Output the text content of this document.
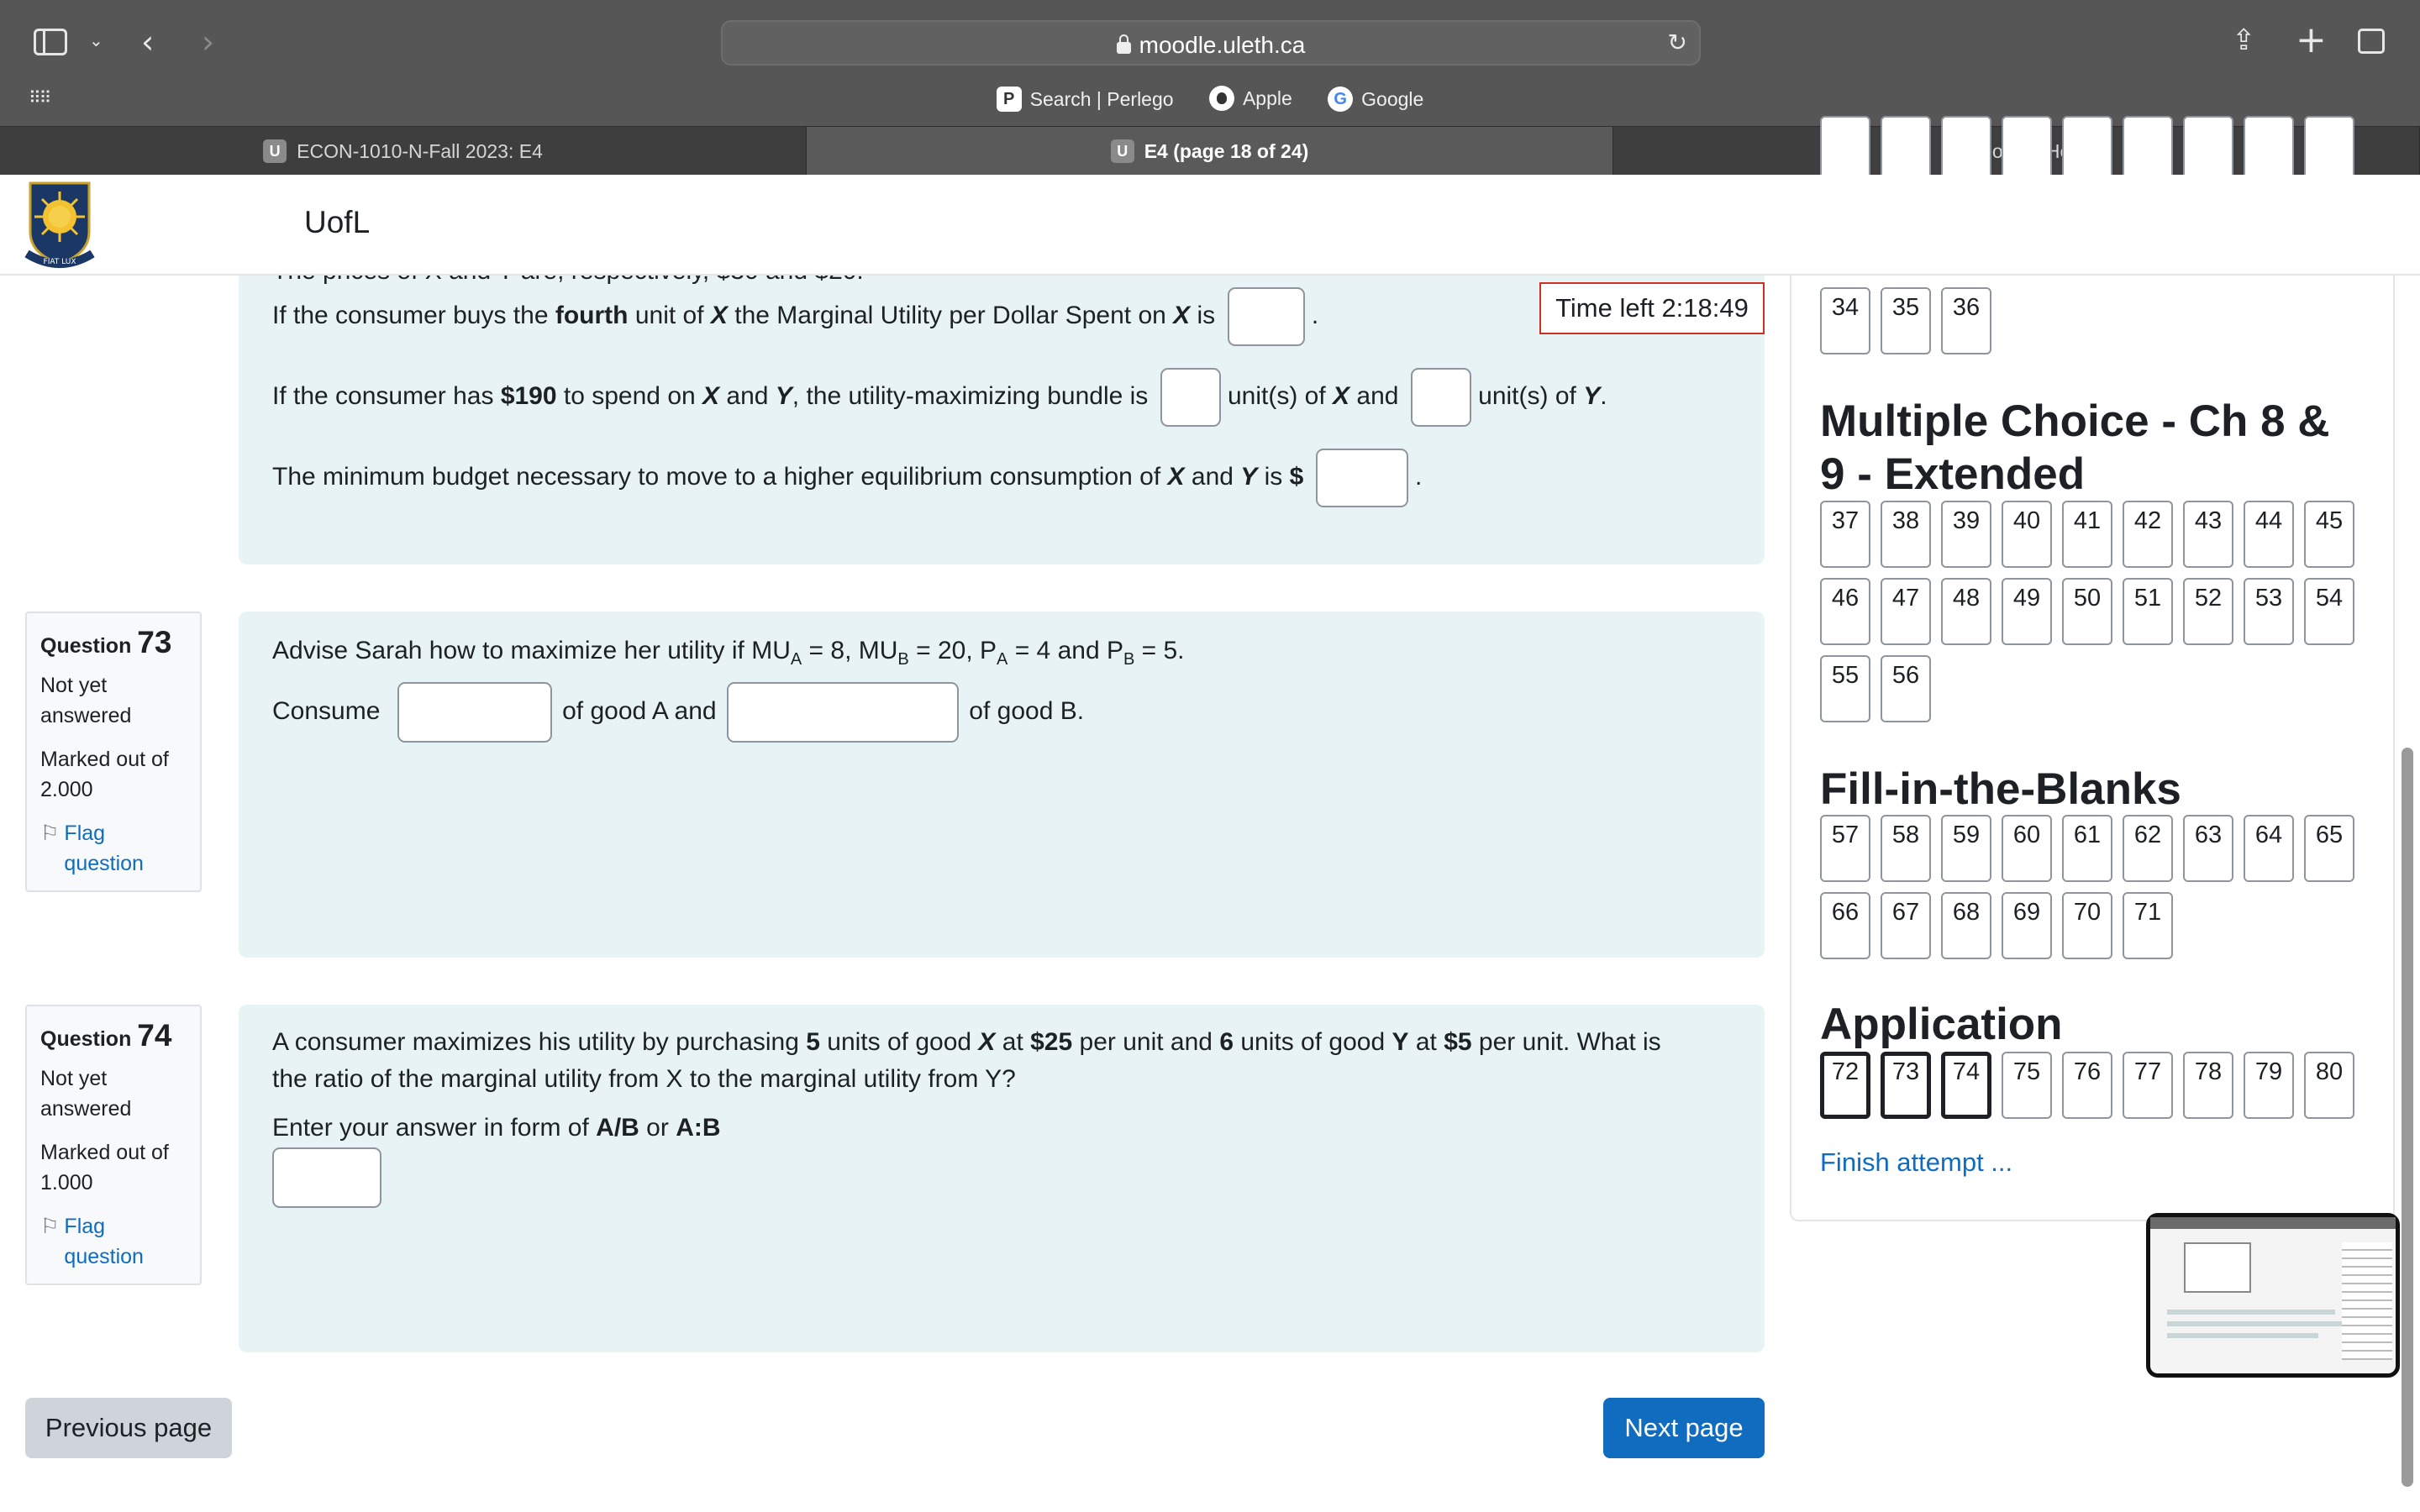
⌄ ‹ ›
⠿⠿
moodle.uleth.ca	↻	⇪ +
P Search | Perlego
	Apple
	G Google
U ECON-1010-N-Fall 2023: E4	U E4 (page 18 of 24)
FIAT LUX
UofL
Time left 2:18:49
If the consumer buys the fourth unit of X the Marginal Utility per Dollar Spent on X is	.
If the consumer has $190 to spend on X and Y, the utility-maximizing bundle is	unit(s) of X and	unit(s) of Y.
The minimum budget necessary to move to a higher equilibrium consumption of X and Y is $	.
Question 73
Not yet answered
Marked out of 2.000
⚐ Flag question
Advise Sarah how to maximize her utility if $MU_A = 8$, $MU_B = 20$, $P_A = 4$ and $P_B = 5$.
Consume	of good A and	of good B.
Question 74
Not yet answered
Marked out of 1.000
⚐ Flag question
A consumer maximizes his utility by purchasing 5 units of good X at $25 per unit and 6 units of good Y at $5 per unit. What is
the ratio of the marginal utility from X to the marginal utility from Y?
Enter your answer in form of A/B or A:B
Previous page	Next page
34	35	36
Multiple Choice - Ch 8 & 9 - Extended
37	38	39	40	41	42	43	44	45
46	47	48	49	50	51	52	53	54
55	56
Fill-in-the-Blanks
57	58	59	60	61	62	63	64	65
66	67	68	69	70	71
Application
72	73	74	75	76	77	78	79	80
Finish attempt ...
